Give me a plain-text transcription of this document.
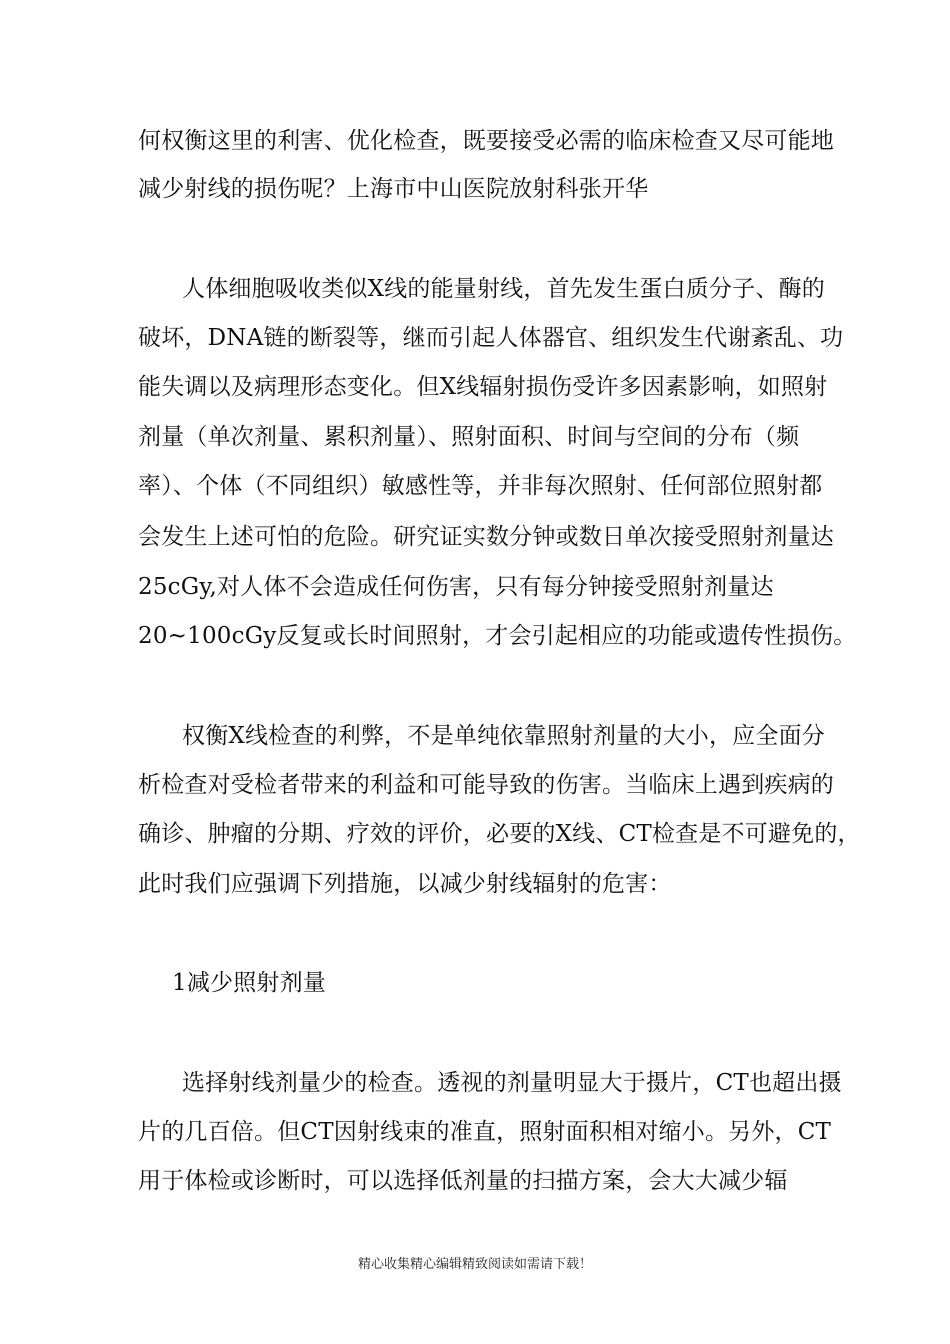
何权衡这里的利害、优化检查，既要接受必需的临床检查又尽可能地
减少射线的损伤呢？上海市中山医院放射科张开华
人体细胞吸收类似X线的能量射线，首先发生蛋白质分子、酶的
破坏，DNA链的断裂等，继而引起人体器官、组织发生代谢紊乱、功
能失调以及病理形态变化。但X线辐射损伤受许多因素影响，如照射
剂量（单次剂量、累积剂量）、照射面积、时间与空间的分布（频
率）、个体（不同组织）敏感性等，并非每次照射、任何部位照射都
会发生上述可怕的危险。研究证实数分钟或数日单次接受照射剂量达
25cGy,对人体不会造成任何伤害，只有每分钟接受照射剂量达
20~100cGy反复或长时间照射，才会引起相应的功能或遗传性损伤。
权衡X线检查的利弊，不是单纯依靠照射剂量的大小，应全面分
析检查对受检者带来的利益和可能导致的伤害。当临床上遇到疾病的
确诊、肿瘤的分期、疗效的评价，必要的X线、CT检查是不可避免的，
此时我们应强调下列措施，以减少射线辐射的危害：
1减少照射剂量
选择射线剂量少的检查。透视的剂量明显大于摄片，CT也超出摄
片的几百倍。但CT因射线束的准直，照射面积相对缩小。另外，CT
用于体检或诊断时，可以选择低剂量的扫描方案，会大大减少辐
精心收集精心编辑精致阅读如需请下载！
